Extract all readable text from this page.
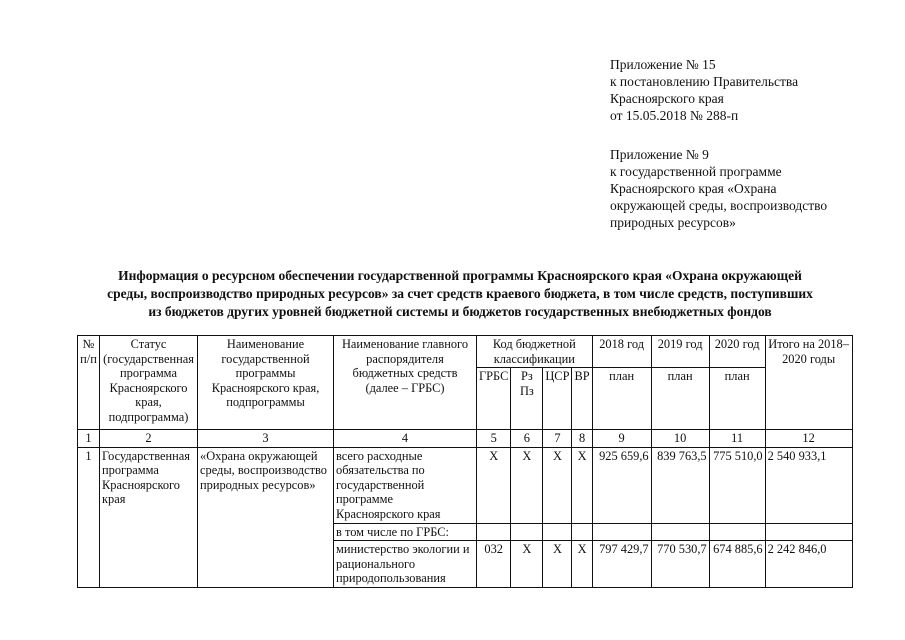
Приложение № 15
к постановлению Правительства
Красноярского края
от 15.05.2018 № 288-п
Приложение № 9
к государственной программе
Красноярского края «Охрана
окружающей среды, воспроизводство
природных ресурсов»
Информация о ресурсном обеспечении государственной программы Красноярского края «Охрана окружающей
среды, воспроизводство природных ресурсов» за счет средств краевого бюджета, в том числе средств, поступивших
из бюджетов других уровней бюджетной системы и бюджетов государственных внебюджетных фондов
№ п/п	Статус (государственная программа Красноярского края, подпрограмма)	Наименование государственной программы Красноярского края, подпрограммы	Наименование главного распорядителя бюджетных средств (далее – ГРБС)	Код бюджетной классификации				2018 год	2019 год	2020 год	Итого на 2018–2020 годы
				ГРБС	Рз Пз	ЦСР	ВР	план	план	план	
1	2	3	4	5	6	7	8	9	10	11	12
1	Государственная программа Красноярского края	«Охрана окружающей среды, воспроизводство природных ресурсов»	всего расходные обязательства по государственной программе Красноярского края	Х	Х	Х	Х	925 659,6	839 763,5	775 510,0	2 540 933,1
			в том числе по ГРБС:								
			министерство экологии и рационального природопользования	032	Х	Х	Х	797 429,7	770 530,7	674 885,6	2 242 846,0
